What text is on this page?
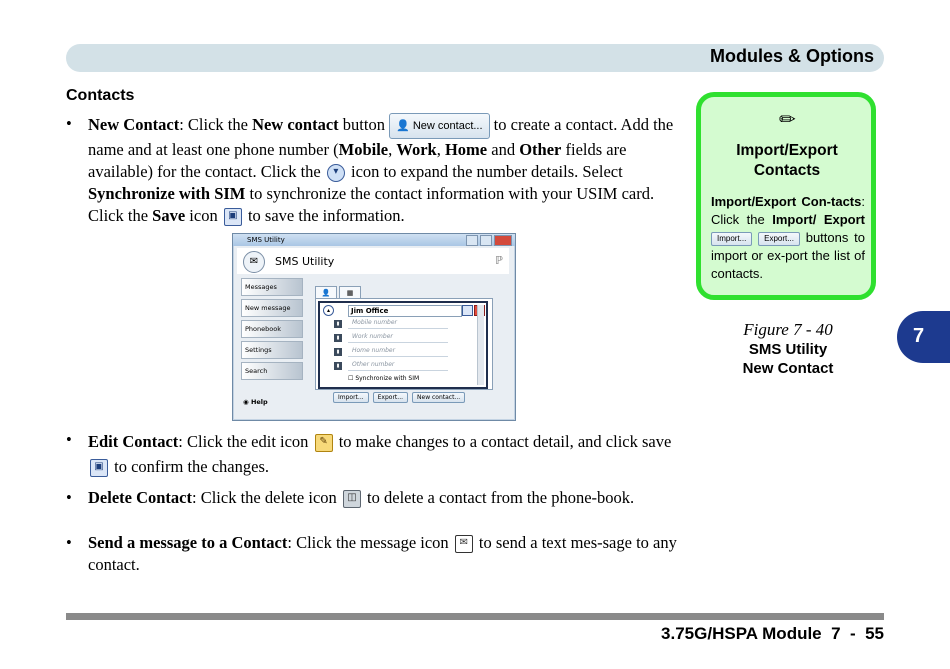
Modules & Options
Contacts
• New Contact: Click the New contact button 👤 New contact... to create a contact. Add the name and at least one phone number (Mobile, Work, Home and Other fields are available) for the contact. Click the ▾ icon to expand the number details. Select Synchronize with SIM to synchronize the contact information with your USIM card. Click the Save icon ▣ to save the information.
SMS Utility
✉	SMS Utility	ℙ
Messages
New message
Phonebook
Settings
Search
◉ Help
👤	▦
▴	Jim Office
▮	Mobile number
▮	Work number
▮	Home number
▮	Other number
☐ Synchronize with SIM
Import...	Export...	New contact...
• Edit Contact: Click the edit icon ✎ to make changes to a contact detail, and click save ▣ to confirm the changes.
• Delete Contact: Click the delete icon ◫ to delete a contact from the phone-book.
• Send a message to a Contact: Click the message icon ✉ to send a text mes-sage to any contact.
✏
Import/Export
Contacts
Import/Export Con-tacts: Click the Import/ Export Import... Export... buttons to import or ex-port the list of contacts.
Figure 7 - 40
SMS Utility
New Contact
7
3.75G/HSPA Module  7  -  55
